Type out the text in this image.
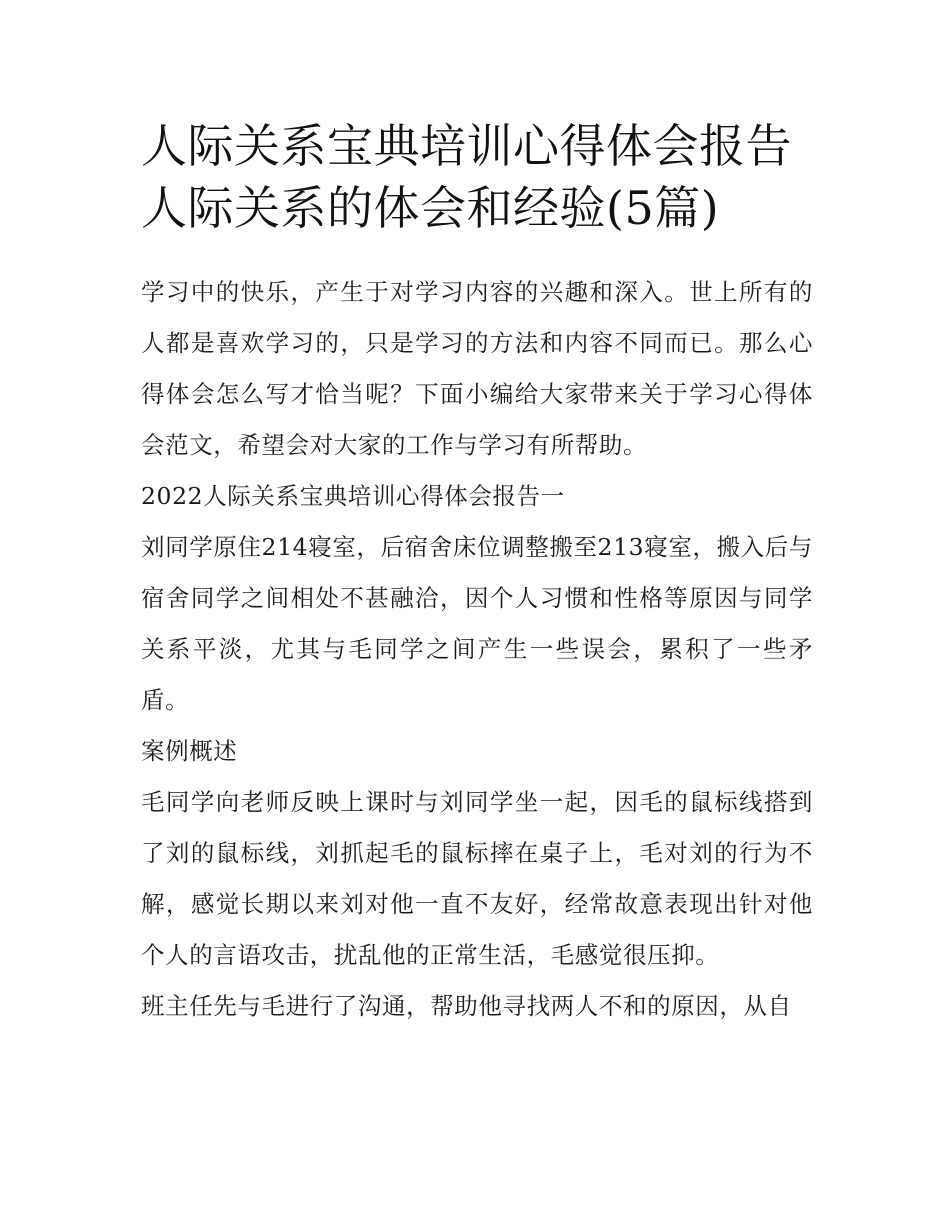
人际关系宝典培训心得体会报告 人际关系的体会和经验(5篇)

学习中的快乐，产生于对学习内容的兴趣和深入。世上所有的人都是喜欢学习的，只是学习的方法和内容不同而已。那么心得体会怎么写才恰当呢？下面小编给大家带来关于学习心得体会范文，希望会对大家的工作与学习有所帮助。

2022人际关系宝典培训心得体会报告一

刘同学原住214寝室，后宿舍床位调整搬至213寝室，搬入后与宿舍同学之间相处不甚融洽，因个人习惯和性格等原因与同学关系平淡，尤其与毛同学之间产生一些误会，累积了一些矛盾。

案例概述

毛同学向老师反映上课时与刘同学坐一起，因毛的鼠标线搭到了刘的鼠标线，刘抓起毛的鼠标摔在桌子上，毛对刘的行为不解，感觉长期以来刘对他一直不友好，经常故意表现出针对他个人的言语攻击，扰乱他的正常生活，毛感觉很压抑。

班主任先与毛进行了沟通，帮助他寻找两人不和的原因，从自
